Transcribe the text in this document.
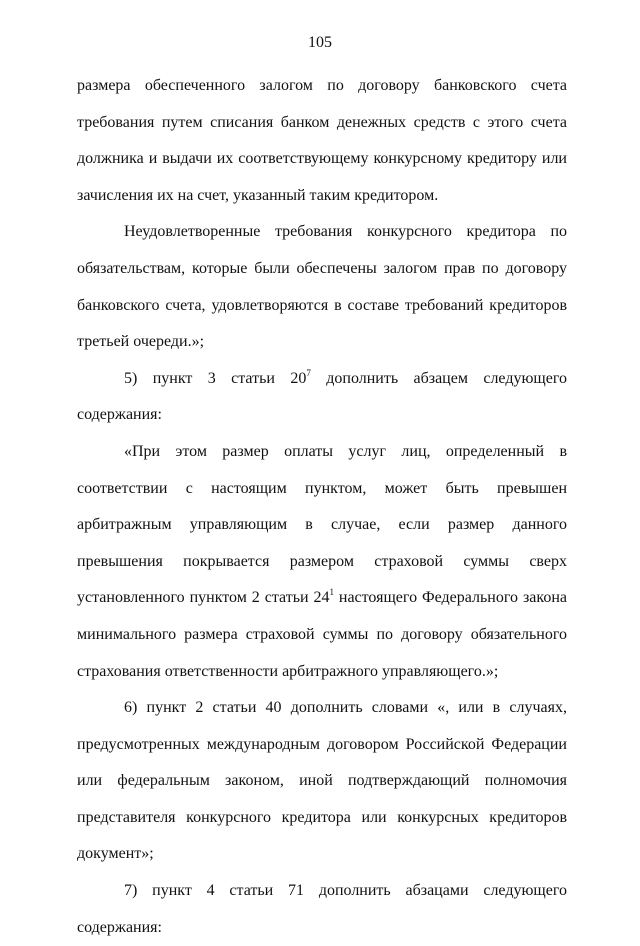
105

размера обеспеченного залогом по договору банковского счета требования путем списания банком денежных средств с этого счета должника и выдачи их соответствующему конкурсному кредитору или зачисления их на счет, указанный таким кредитором.

Неудовлетворенные требования конкурсного кредитора по обязательствам, которые были обеспечены залогом прав по договору банковского счета, удовлетворяются в составе требований кредиторов третьей очереди.»;

5) пункт 3 статьи $20^7$ дополнить абзацем следующего содержания:

«При этом размер оплаты услуг лиц, определенный в соответствии с настоящим пунктом, может быть превышен арбитражным управляющим в случае, если размер данного превышения покрывается размером страховой суммы сверх установленного пунктом 2 статьи $24^1$ настоящего Федерального закона минимального размера страховой суммы по договору обязательного страхования ответственности арбитражного управляющего.»;

6) пункт 2 статьи 40 дополнить словами «, или в случаях, предусмотренных международным договором Российской Федерации или федеральным законом, иной подтверждающий полномочия представителя конкурсного кредитора или конкурсных кредиторов документ»;

7) пункт 4 статьи 71 дополнить абзацами следующего содержания:
